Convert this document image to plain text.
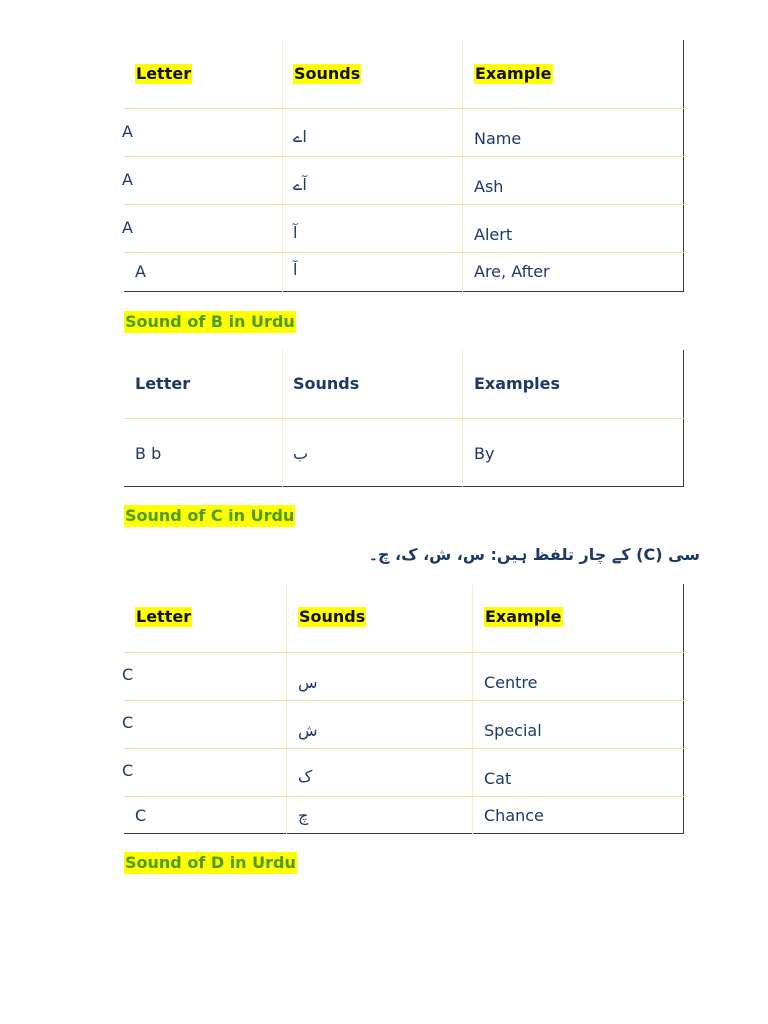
Letter	Sounds	Example
A	اے	Name
A	آے	Ash
A	آ	Alert
A	آ	Are, After
Sound of B in Urdu
Letter	Sounds	Examples
B b	ب	By
Sound of C in Urdu
سی (C) کے چار تلفظ ہیں: س، ش، ک، چ۔
Letter	Sounds	Example
C	س	Centre
C	ش	Special
C	ک	Cat
C	چ	Chance
Sound of D in Urdu
